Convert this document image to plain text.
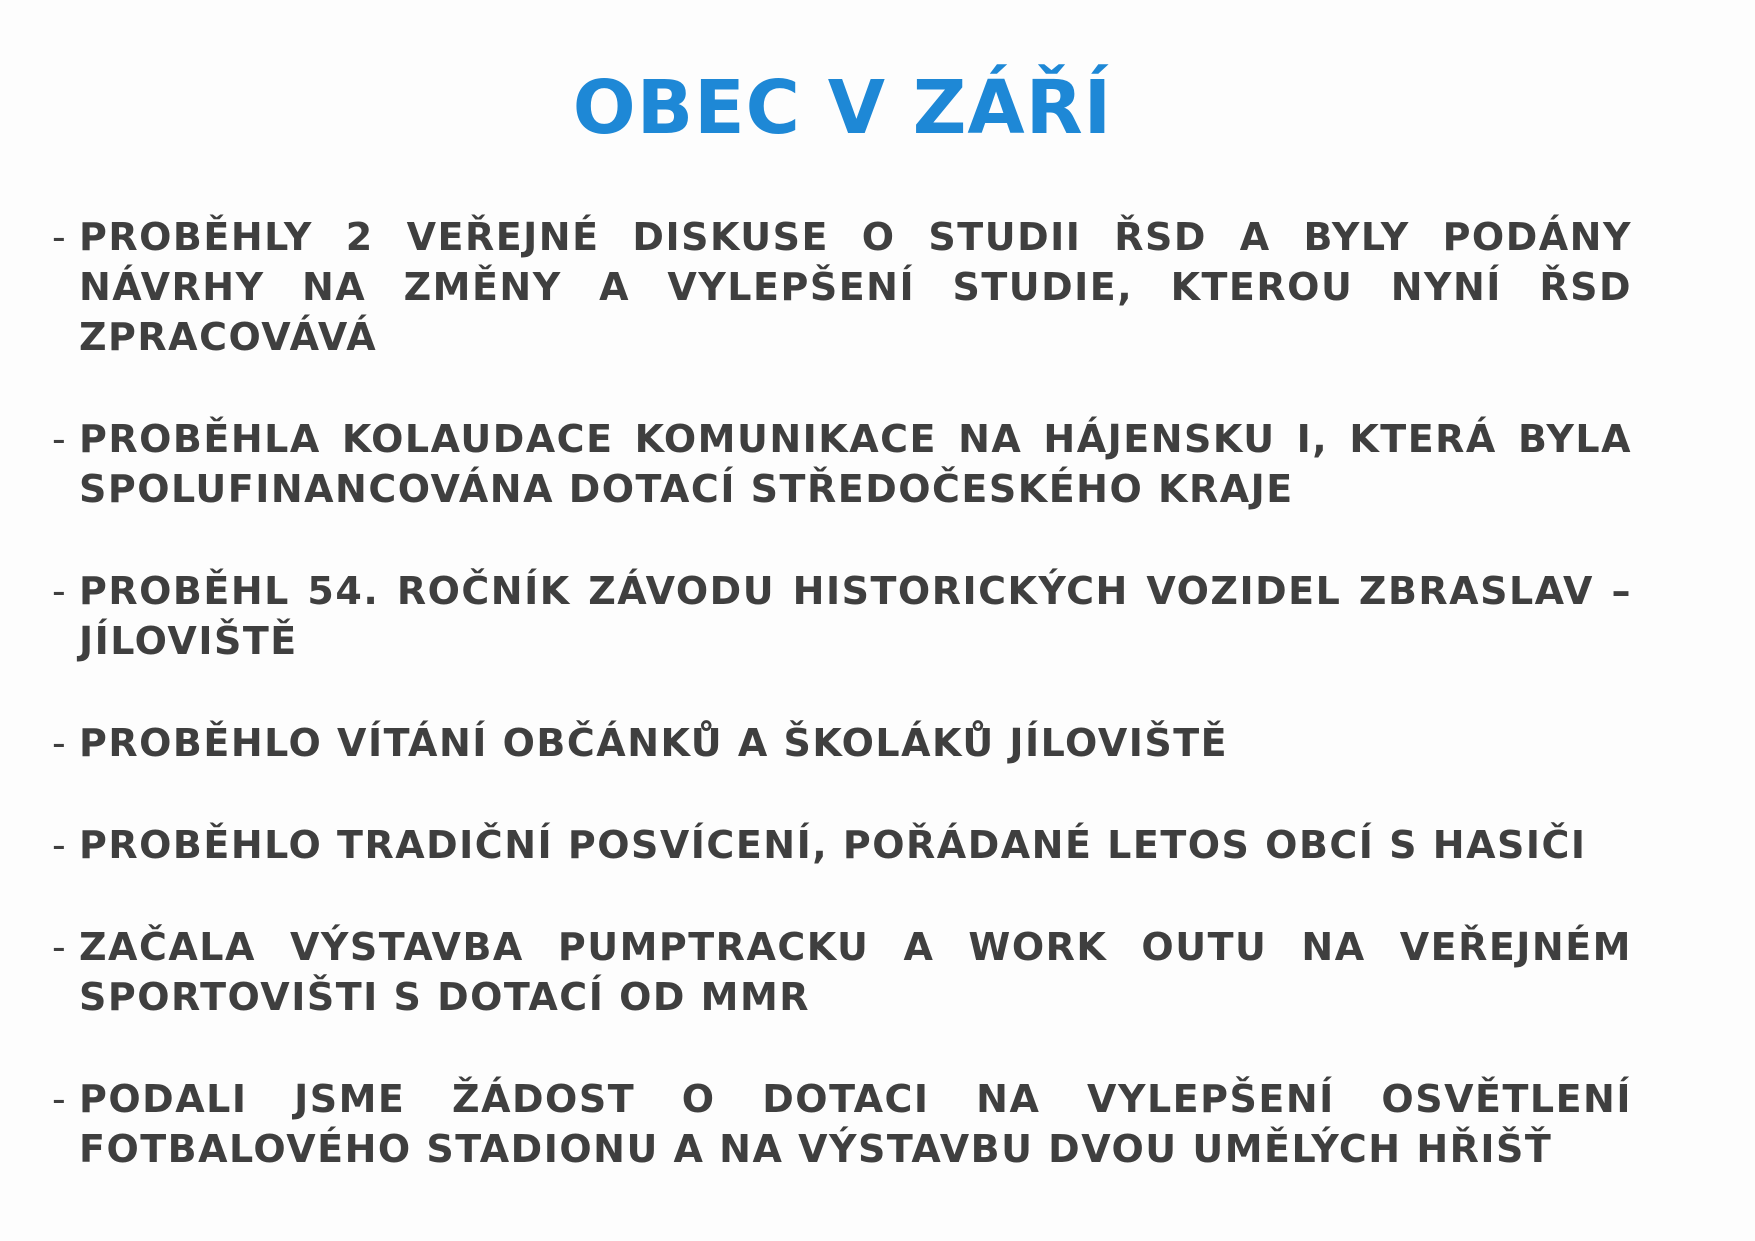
OBEC V ZÁŘÍ
- PROBĚHLY 2 VEŘEJNÉ DISKUSE O STUDII ŘSD A BYLY PODÁNY NÁVRHY NA ZMĚNY A VYLEPŠENÍ STUDIE, KTEROU NYNÍ ŘSD ZPRACOVÁVÁ
- PROBĚHLA KOLAUDACE KOMUNIKACE NA HÁJENSKU I, KTERÁ BYLA SPOLUFINANCOVÁNA DOTACÍ STŘEDOČESKÉHO KRAJE
- PROBĚHL 54. ROČNÍK ZÁVODU HISTORICKÝCH VOZIDEL ZBRASLAV – JÍLOVIŠTĚ
- PROBĚHLO VÍTÁNÍ OBČÁNKŮ A ŠKOLÁKŮ JÍLOVIŠTĚ
- PROBĚHLO TRADIČNÍ POSVÍCENÍ, POŘÁDANÉ LETOS OBCÍ S HASIČI
- ZAČALA VÝSTAVBA PUMPTRACKU A WORK OUTU NA VEŘEJNÉM SPORTOVIŠTI S DOTACÍ OD MMR
- PODALI JSME ŽÁDOST O DOTACI NA VYLEPŠENÍ OSVĚTLENÍ FOTBALOVÉHO STADIONU A NA VÝSTAVBU DVOU UMĚLÝCH HŘIŠŤ
